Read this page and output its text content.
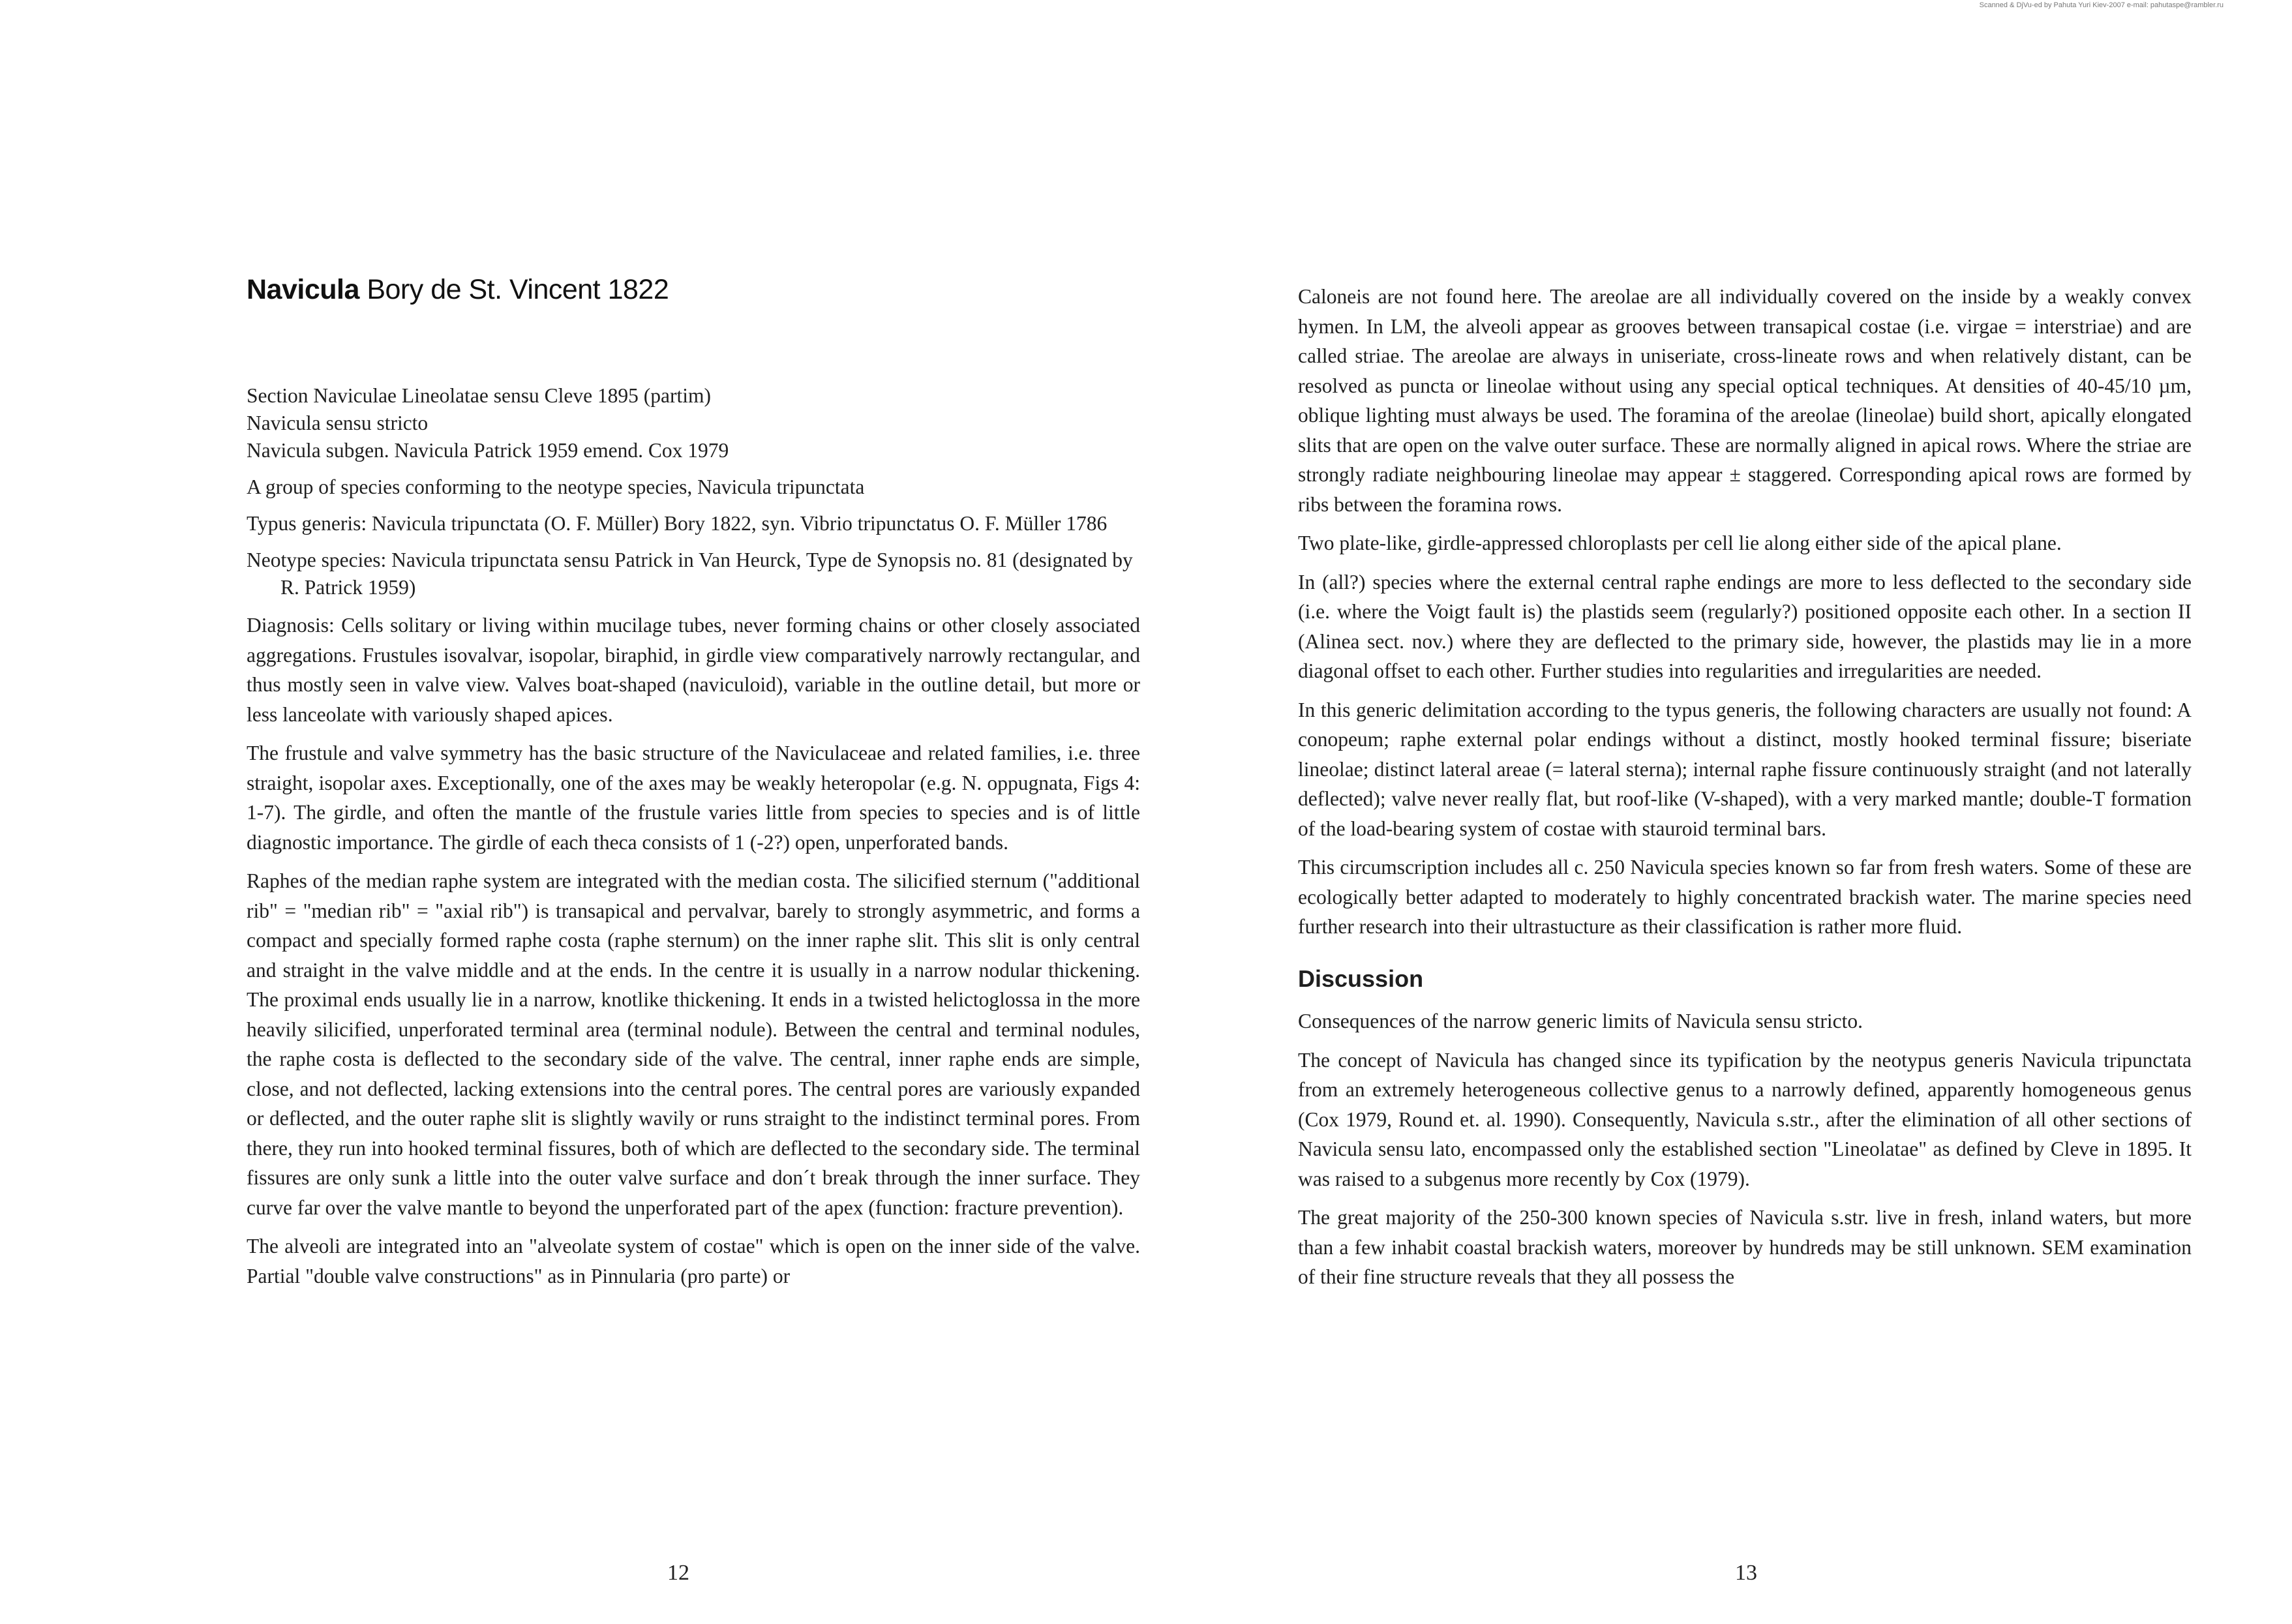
Scanned & DjVu-ed by Pahuta Yuri Kiev-2007 e-mail: pahutaspe@rambler.ru
Navicula Bory de St. Vincent 1822
Section Naviculae Lineolatae sensu Cleve 1895 (partim)
Navicula sensu stricto
Navicula subgen. Navicula Patrick 1959 emend. Cox 1979

A group of species conforming to the neotype species, Navicula tripunctata

Typus generis: Navicula tripunctata (O. F. Müller) Bory 1822, syn. Vibrio tripunctatus O. F. Müller 1786

Neotype species: Navicula tripunctata sensu Patrick in Van Heurck, Type de Synopsis no. 81 (designated by R. Patrick 1959)

Diagnosis: Cells solitary or living within mucilage tubes, never forming chains or other closely associated aggregations. Frustules isovalvar, isopolar, biraphid, in girdle view comparatively narrowly rectangular, and thus mostly seen in valve view. Valves boat-shaped (naviculoid), variable in the outline detail, but more or less lanceolate with variously shaped apices.

The frustule and valve symmetry has the basic structure of the Naviculaceae and related families, i.e. three straight, isopolar axes. Exceptionally, one of the axes may be weakly heteropolar (e.g. N. oppugnata, Figs 4: 1-7). The girdle, and often the mantle of the frustule varies little from species to species and is of little diagnostic importance. The girdle of each theca consists of 1 (-2?) open, unperforated bands.

Raphes of the median raphe system are integrated with the median costa. The silicified sternum ("additional rib" = "median rib" = "axial rib") is transapical and pervalvar, barely to strongly asymmetric, and forms a compact and specially formed raphe costa (raphe sternum) on the inner raphe slit. This slit is only central and straight in the valve middle and at the ends. In the centre it is usually in a narrow nodular thickening. The proximal ends usually lie in a narrow, knotlike thickening. It ends in a twisted helictoglossa in the more heavily silicified, unperforated terminal area (terminal nodule). Between the central and terminal nodules, the raphe costa is deflected to the secondary side of the valve. The central, inner raphe ends are simple, close, and not deflected, lacking extensions into the central pores. The central pores are variously expanded or deflected, and the outer raphe slit is slightly wavily or runs straight to the indistinct terminal pores. From there, they run into hooked terminal fissures, both of which are deflected to the secondary side. The terminal fissures are only sunk a little into the outer valve surface and don´t break through the inner surface. They curve far over the valve mantle to beyond the unperforated part of the apex (function: fracture prevention).

The alveoli are integrated into an "alveolate system of costae" which is open on the inner side of the valve. Partial "double valve constructions" as in Pinnularia (pro parte) or

12

Caloneis are not found here. The areolae are all individually covered on the inside by a weakly convex hymen. In LM, the alveoli appear as grooves between transapical costae (i.e. virgae = interstriae) and are called striae. The areolae are always in uniseriate, cross-lineate rows and when relatively distant, can be resolved as puncta or lineolae without using any special optical techniques. At densities of 40-45/10 µm, oblique lighting must always be used. The foramina of the areolae (lineolae) build short, apically elongated slits that are open on the valve outer surface. These are normally aligned in apical rows. Where the striae are strongly radiate neighbouring lineolae may appear ± staggered. Corresponding apical rows are formed by ribs between the foramina rows.

Two plate-like, girdle-appressed chloroplasts per cell lie along either side of the apical plane.

In (all?) species where the external central raphe endings are more to less deflected to the secondary side (i.e. where the Voigt fault is) the plastids seem (regularly?) positioned opposite each other. In a section II (Alinea sect. nov.) where they are deflected to the primary side, however, the plastids may lie in a more diagonal offset to each other. Further studies into regularities and irregularities are needed.

In this generic delimitation according to the typus generis, the following characters are usually not found: A conopeum; raphe external polar endings without a distinct, mostly hooked terminal fissure; biseriate lineolae; distinct lateral areae (= lateral sterna); internal raphe fissure continuously straight (and not laterally deflected); valve never really flat, but roof-like (V-shaped), with a very marked mantle; double-T formation of the load-bearing system of costae with stauroid terminal bars.

This circumscription includes all c. 250 Navicula species known so far from fresh waters. Some of these are ecologically better adapted to moderately to highly concentrated brackish water. The marine species need further research into their ultrastucture as their classification is rather more fluid.

Discussion

Consequences of the narrow generic limits of Navicula sensu stricto.

The concept of Navicula has changed since its typification by the neotypus generis Navicula tripunctata from an extremely heterogeneous collective genus to a narrowly defined, apparently homogeneous genus (Cox 1979, Round et. al. 1990). Consequently, Navicula s.str., after the elimination of all other sections of Navicula sensu lato, encompassed only the established section "Lineolatae" as defined by Cleve in 1895. It was raised to a subgenus more recently by Cox (1979).

The great majority of the 250-300 known species of Navicula s.str. live in fresh, inland waters, but more than a few inhabit coastal brackish waters, moreover by hundreds may be still unknown. SEM examination of their fine structure reveals that they all possess the

13
